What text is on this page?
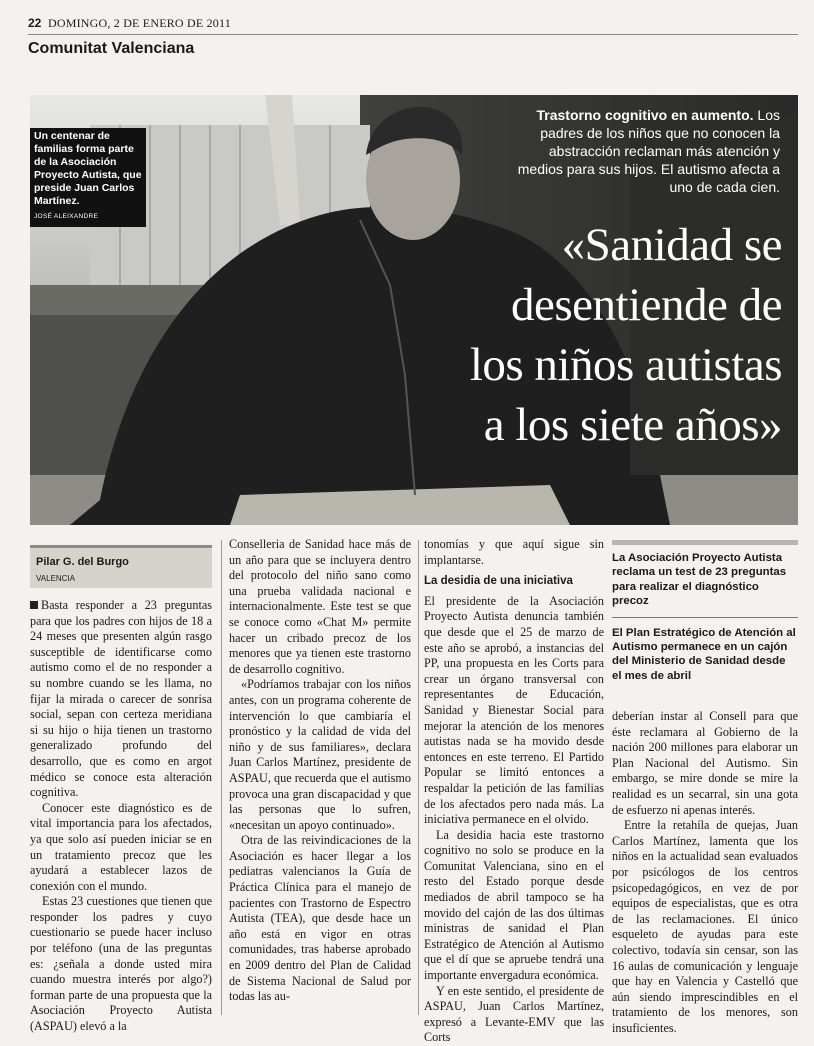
22 DOMINGO, 2 DE ENERO DE 2011
Comunitat Valenciana
Un centenar de familias forma parte de la Asociación Proyecto Autista, que preside Juan Carlos Martínez.
JOSÉ ALEIXANDRE
Trastorno cognitivo en aumento. Los padres de los niños que no conocen la abstracción reclaman más atención y medios para sus hijos. El autismo afecta a uno de cada cien.
«Sanidad se
desentiende de
los niños autistas
a los siete años»
Pilar G. del Burgo
VALENCIA

Basta responder a 23 preguntas para que los padres con hijos de 18 a 24 meses que presenten algún rasgo susceptible de identificarse como autismo como el de no responder a su nombre cuando se les llama, no fijar la mirada o carecer de sonrisa social, sepan con certeza meridiana si su hijo o hija tienen un trastorno generalizado profundo del desarrollo, que es como en argot médico se conoce esta alteración cognitiva.

Conocer este diagnóstico es de vital importancia para los afectados, ya que solo así pueden iniciar se en un tratamiento precoz que les ayudará a establecer lazos de conexión con el mundo.

Estas 23 cuestiones que tienen que responder los padres y cuyo cuestionario se puede hacer incluso por teléfono (una de las preguntas es: ¿señala a donde usted mira cuando muestra interés por algo?) forman parte de una propuesta que la Asociación Proyecto Autista (ASPAU) elevó a la

Conselleria de Sanidad hace más de un año para que se incluyera dentro del protocolo del niño sano como una prueba validada nacional e internacionalmente. Este test se que se conoce como «Chat M» permite hacer un cribado precoz de los menores que ya tienen este trastorno de desarrollo cognitivo.

«Podríamos trabajar con los niños antes, con un programa coherente de intervención lo que cambiaría el pronóstico y la calidad de vida del niño y de sus familiares», declara Juan Carlos Martínez, presidente de ASPAU, que recuerda que el autismo provoca una gran discapacidad y que las personas que lo sufren, «necesitan un apoyo continuado».

Otra de las reivindicaciones de la Asociación es hacer llegar a los pediatras valencianos la Guía de Práctica Clínica para el manejo de pacientes con Trastorno de Espectro Autista (TEA), que desde hace un año está en vigor en otras comunidades, tras haberse aprobado en 2009 dentro del Plan de Calidad de Sistema Nacional de Salud por todas las au-

tonomías y que aquí sigue sin implantarse.

La desidia de una iniciativa

El presidente de la Asociación Proyecto Autista denuncia también que desde que el 25 de marzo de este año se aprobó, a instancias del PP, una propuesta en les Corts para crear un órgano transversal con representantes de Educación, Sanidad y Bienestar Social para mejorar la atención de los menores autistas nada se ha movido desde entonces en este terreno. El Partido Popular se limitó entonces a respaldar la petición de las familias de los afectados pero nada más. La iniciativa permanece en el olvido.

La desidia hacia este trastorno cognitivo no solo se produce en la Comunitat Valenciana, sino en el resto del Estado porque desde mediados de abril tampoco se ha movido del cajón de las dos últimas ministras de sanidad el Plan Estratégico de Atención al Autismo que el dí que se apruebe tendrá una importante envergadura económica.

Y en este sentido, el presidente de ASPAU, Juan Carlos Martínez, expresó a Levante-EMV que las Corts

La Asociación Proyecto Autista reclama un test de 23 preguntas para realizar el diagnóstico precoz
El Plan Estratégico de Atención al Autismo permanece en un cajón del Ministerio de Sanidad desde el mes de abril

deberían instar al Consell para que éste reclamara al Gobierno de la nación 200 millones para elaborar un Plan Nacional del Autismo. Sin embargo, se mire donde se mire la realidad es un secarral, sin una gota de esfuerzo ni apenas interés.

Entre la retahíla de quejas, Juan Carlos Martínez, lamenta que los niños en la actualidad sean evaluados por psicólogos de los centros psicopedagógicos, en vez de por equipos de especialistas, que es otra de las reclamaciones. El único esqueleto de ayudas para este colectivo, todavía sin censar, son las 16 aulas de comunicación y lenguaje que hay en Valencia y Castelló que aún siendo imprescindibles en el tratamiento de los menores, son insuficientes.
